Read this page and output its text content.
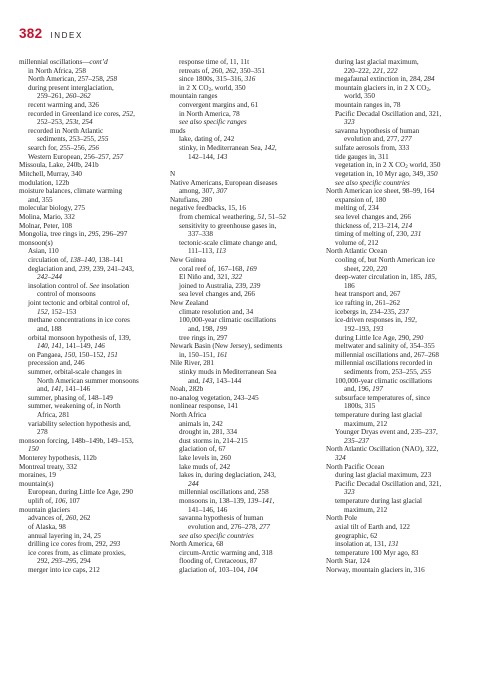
382 INDEX
millennial oscillations—cont’d
in North Africa, 258
North American, 257–258, 258
during present interglaciation,
259–261, 260–262
recent warming and, 326
recorded in Greenland ice cores, 252,
252–253, 253t, 254
recorded in North Atlantic
sediments, 253–255, 255
search for, 255–256, 256
Western European, 256–257, 257
Missoula, Lake, 240b, 241b
Mitchell, Murray, 340
modulation, 122b
moisture balances, climate warming
and, 355
molecular biology, 275
Molina, Mario, 332
Molnar, Peter, 108
Mongolia, tree rings in, 295, 296–297
monsoon(s)
Asian, 110
circulation of, 138–140, 138–141
deglaciation and, 239, 239, 241–243,
242–244
insolation control of. See insolation
control of monsoons
joint tectonic and orbital control of,
152, 152–153
methane concentrations in ice cores
and, 188
orbital monsoon hypothesis of, 139,
140, 141, 141–149, 146
on Pangaea, 150, 150–152, 151
precession and, 246
summer, orbital-scale changes in
North American summer monsoons
and, 141, 141–146
summer, phasing of, 148–149
summer, weakening of, in North
Africa, 281
variability selection hypothesis and,
278
monsoon forcing, 148b–149b, 149–153,
150
Monterey hypothesis, 112b
Montreal treaty, 332
moraines, 19
mountain(s)
European, during Little Ice Age, 290
uplift of, 106, 107
mountain glaciers
advances of, 260, 262
of Alaska, 98
annual layering in, 24, 25
drilling ice cores from, 292, 293
ice cores from, as climate proxies,
292, 293–295, 294
merger into ice caps, 212
response time of, 11, 11t
retreats of, 260, 262, 350–351
since 1800s, 315–316, 316
in 2 X $CO_2$, world, 350
mountain ranges
convergent margins and, 61
in North America, 78
see also specific ranges
muds
lake, dating of, 242
stinky, in Mediterranean Sea, 142,
142–144, 143

N
Native Americans, European diseases
among, 307, 307
Natufians, 280
negative feedbacks, 15, 16
from chemical weathering, 51, 51–52
sensitivity to greenhouse gases in,
337–338
tectonic-scale climate change and,
111–113, 113
New Guinea
coral reef of, 167–168, 169
El Niño and, 321, 322
joined to Australia, 239, 239
sea level changes and, 266
New Zealand
climate resolution and, 34
100,000-year climatic oscillations
and, 198, 199
tree rings in, 297
Newark Basin (New Jersey), sediments
in, 150–151, 161
Nile River, 281
stinky muds in Mediterranean Sea
and, 143, 143–144
Noah, 282b
no-analog vegetation, 243–245
nonlinear response, 141
North Africa
animals in, 242
drought in, 281, 334
dust storms in, 214–215
glaciation of, 67
lake levels in, 260
lake muds of, 242
lakes in, during deglaciation, 243,
244
millennial oscillations and, 258
monsoons in, 138–139, 139–141,
141–146, 146
savanna hypothesis of human
evolution and, 276–278, 277
see also specific countries
North America, 68
circum-Arctic warming and, 318
flooding of, Cretaceous, 87
glaciation of, 103–104, 104
during last glacial maximum,
220–222, 221, 222
megafaunal extinction in, 284, 284
mountain glaciers in, in 2 X $CO_2$,
world, 350
mountain ranges in, 78
Pacific Decadal Oscillation and, 321,
323
savanna hypothesis of human
evolution and, 277, 277
sulfate aerosols from, 333
tide gauges in, 311
vegetation in, in 2 X $CO_2$ world, 350
vegetation in, 10 Myr ago, 349, 350
see also specific countries
North American ice sheet, 98–99, 164
expansion of, 180
melting of, 234
sea level changes and, 266
thickness of, 213–214, 214
timing of melting of, 230, 231
volume of, 212
North Atlantic Ocean
cooling of, but North American ice
sheet, 220, 220
deep-water circulation in, 185, 185,
186
heat transport and, 267
ice rafting in, 261–262
icebergs in, 234–235, 237
ice-driven responses in, 192,
192–193, 193
during Little Ice Age, 290, 290
meltwater and salinity of, 354–355
millennial oscillations and, 267–268
millennial oscillations recorded in
sediments from, 253–255, 255
100,000-year climatic oscillations
and, 196, 197
subsurface temperatures of, since
1800s, 315
temperature during last glacial
maximum, 212
Younger Dryas event and, 235–237,
235–237
North Atlantic Oscillation (NAO), 322,
324
North Pacific Ocean
during last glacial maximum, 223
Pacific Decadal Oscillation and, 321,
323
temperature during last glacial
maximum, 212
North Pole
axial tilt of Earth and, 122
geographic, 62
insolation at, 131, 131
temperature 100 Myr ago, 83
North Star, 124
Norway, mountain glaciers in, 316
